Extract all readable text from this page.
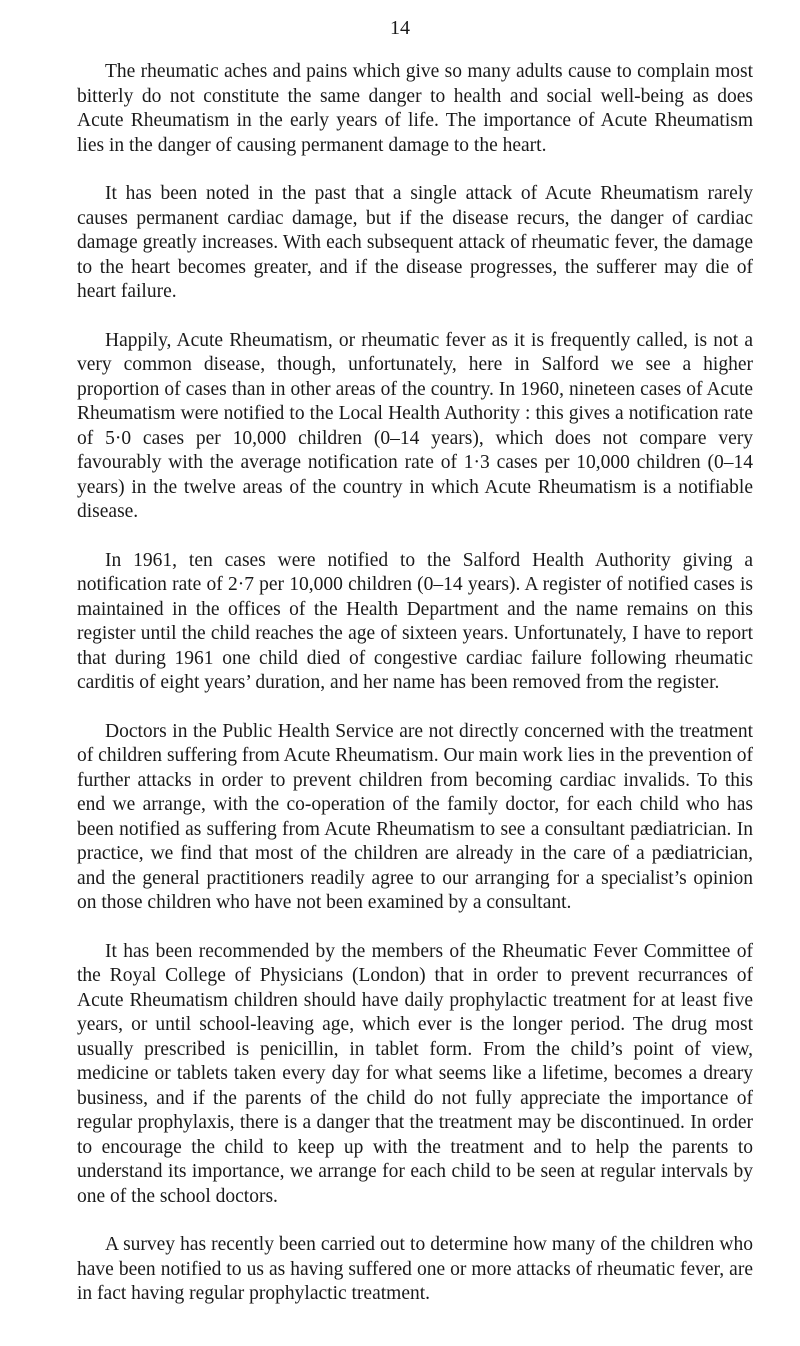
14

The rheumatic aches and pains which give so many adults cause to complain most bitterly do not constitute the same danger to health and social well-being as does Acute Rheumatism in the early years of life. The importance of Acute Rheumatism lies in the danger of causing permanent damage to the heart.

It has been noted in the past that a single attack of Acute Rheumatism rarely causes permanent cardiac damage, but if the disease recurs, the danger of cardiac damage greatly increases. With each subsequent attack of rheumatic fever, the damage to the heart becomes greater, and if the disease progresses, the sufferer may die of heart failure.

Happily, Acute Rheumatism, or rheumatic fever as it is frequently called, is not a very common disease, though, unfortunately, here in Salford we see a higher proportion of cases than in other areas of the country. In 1960, nineteen cases of Acute Rheumatism were notified to the Local Health Authority : this gives a notification rate of 5·0 cases per 10,000 children (0–14 years), which does not compare very favourably with the average notification rate of 1·3 cases per 10,000 children (0–14 years) in the twelve areas of the country in which Acute Rheumatism is a notifiable disease.

In 1961, ten cases were notified to the Salford Health Authority giving a notification rate of 2·7 per 10,000 children (0–14 years). A register of notified cases is maintained in the offices of the Health Department and the name remains on this register until the child reaches the age of sixteen years. Unfortunately, I have to report that during 1961 one child died of congestive cardiac failure following rheumatic carditis of eight years’ duration, and her name has been removed from the register.

Doctors in the Public Health Service are not directly concerned with the treatment of children suffering from Acute Rheumatism. Our main work lies in the prevention of further attacks in order to prevent children from becoming cardiac invalids. To this end we arrange, with the co-operation of the family doctor, for each child who has been notified as suffering from Acute Rheumatism to see a consultant pædiatrician. In practice, we find that most of the children are already in the care of a pædiatrician, and the general practitioners readily agree to our arranging for a specialist’s opinion on those children who have not been examined by a consultant.

It has been recommended by the members of the Rheumatic Fever Committee of the Royal College of Physicians (London) that in order to prevent recurrances of Acute Rheumatism children should have daily prophylactic treatment for at least five years, or until school-leaving age, which ever is the longer period. The drug most usually prescribed is penicillin, in tablet form. From the child’s point of view, medicine or tablets taken every day for what seems like a lifetime, becomes a dreary business, and if the parents of the child do not fully appreciate the importance of regular prophylaxis, there is a danger that the treatment may be discontinued. In order to encourage the child to keep up with the treatment and to help the parents to understand its importance, we arrange for each child to be seen at regular intervals by one of the school doctors.

A survey has recently been carried out to determine how many of the children who have been notified to us as having suffered one or more attacks of rheumatic fever, are in fact having regular prophylactic treatment.
